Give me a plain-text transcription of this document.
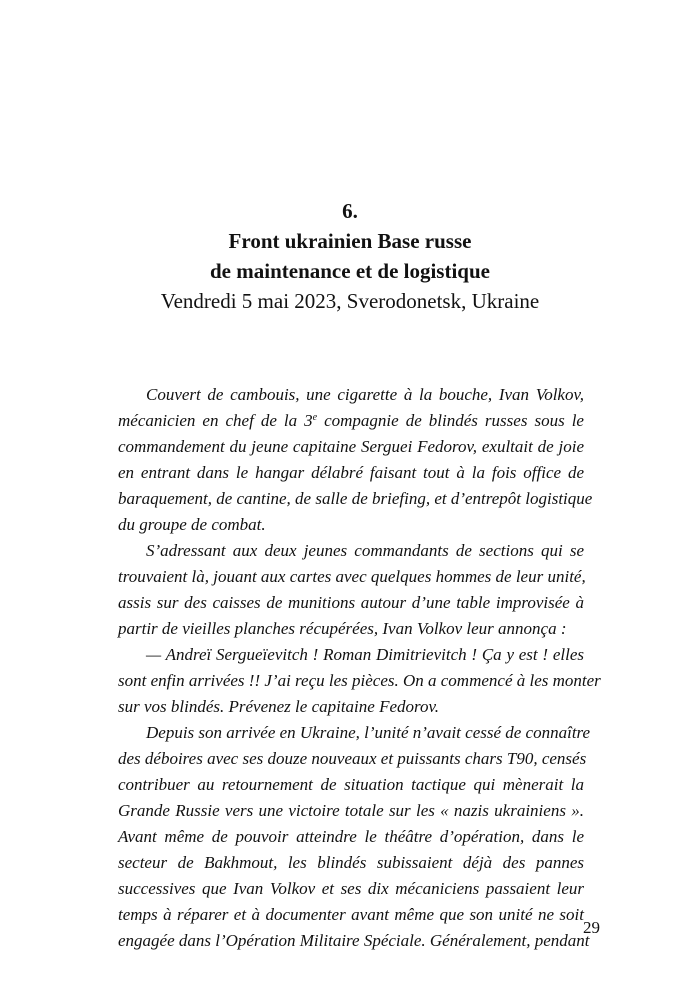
6.
Front ukrainien Base russe
de maintenance et de logistique
Vendredi 5 mai 2023, Sverodonetsk, Ukraine

Couvert de cambouis, une cigarette à la bouche, Ivan Volkov,
mécanicien en chef de la 3e compagnie de blindés russes sous le
commandement du jeune capitaine Serguei Fedorov, exultait de joie
en entrant dans le hangar délabré faisant tout à la fois office de
baraquement, de cantine, de salle de briefing, et d’entrepôt logistique
du groupe de combat.

S’adressant aux deux jeunes commandants de sections qui se
trouvaient là, jouant aux cartes avec quelques hommes de leur unité,
assis sur des caisses de munitions autour d’une table improvisée à
partir de vieilles planches récupérées, Ivan Volkov leur annonça :

— Andreï Sergueïevitch ! Roman Dimitrievitch ! Ça y est ! elles
sont enfin arrivées !! J’ai reçu les pièces. On a commencé à les monter
sur vos blindés. Prévenez le capitaine Fedorov.

Depuis son arrivée en Ukraine, l’unité n’avait cessé de connaître
des déboires avec ses douze nouveaux et puissants chars T90, censés
contribuer au retournement de situation tactique qui mènerait la
Grande Russie vers une victoire totale sur les « nazis ukrainiens ».
Avant même de pouvoir atteindre le théâtre d’opération, dans le
secteur de Bakhmout, les blindés subissaient déjà des pannes
successives que Ivan Volkov et ses dix mécaniciens passaient leur
temps à réparer et à documenter avant même que son unité ne soit
engagée dans l’Opération Militaire Spéciale. Généralement, pendant

29
